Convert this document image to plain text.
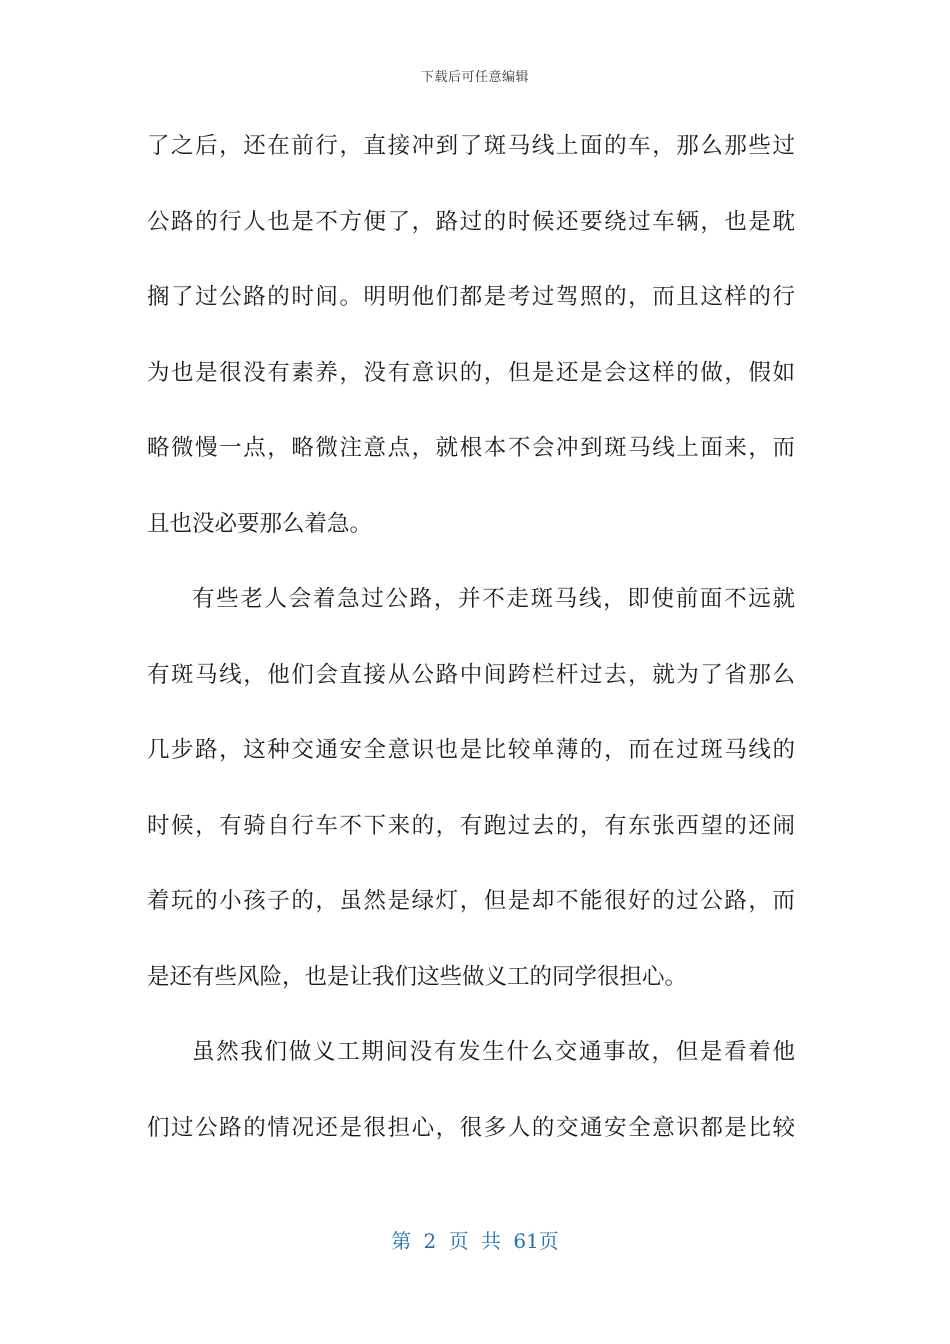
下载后可任意编辑
了之后，还在前行，直接冲到了斑马线上面的车，那么那些过
公路的行人也是不方便了，路过的时候还要绕过车辆，也是耽
搁了过公路的时间。明明他们都是考过驾照的，而且这样的行
为也是很没有素养，没有意识的，但是还是会这样的做，假如
略微慢一点，略微注意点，就根本不会冲到斑马线上面来，而
且也没必要那么着急。
有些老人会着急过公路，并不走斑马线，即使前面不远就
有斑马线，他们会直接从公路中间跨栏杆过去，就为了省那么
几步路，这种交通安全意识也是比较单薄的，而在过斑马线的
时候，有骑自行车不下来的，有跑过去的，有东张西望的还闹
着玩的小孩子的，虽然是绿灯，但是却不能很好的过公路，而
是还有些风险，也是让我们这些做义工的同学很担心。
虽然我们做义工期间没有发生什么交通事故，但是看着他
们过公路的情况还是很担心，很多人的交通安全意识都是比较
第 2 页 共 61页
